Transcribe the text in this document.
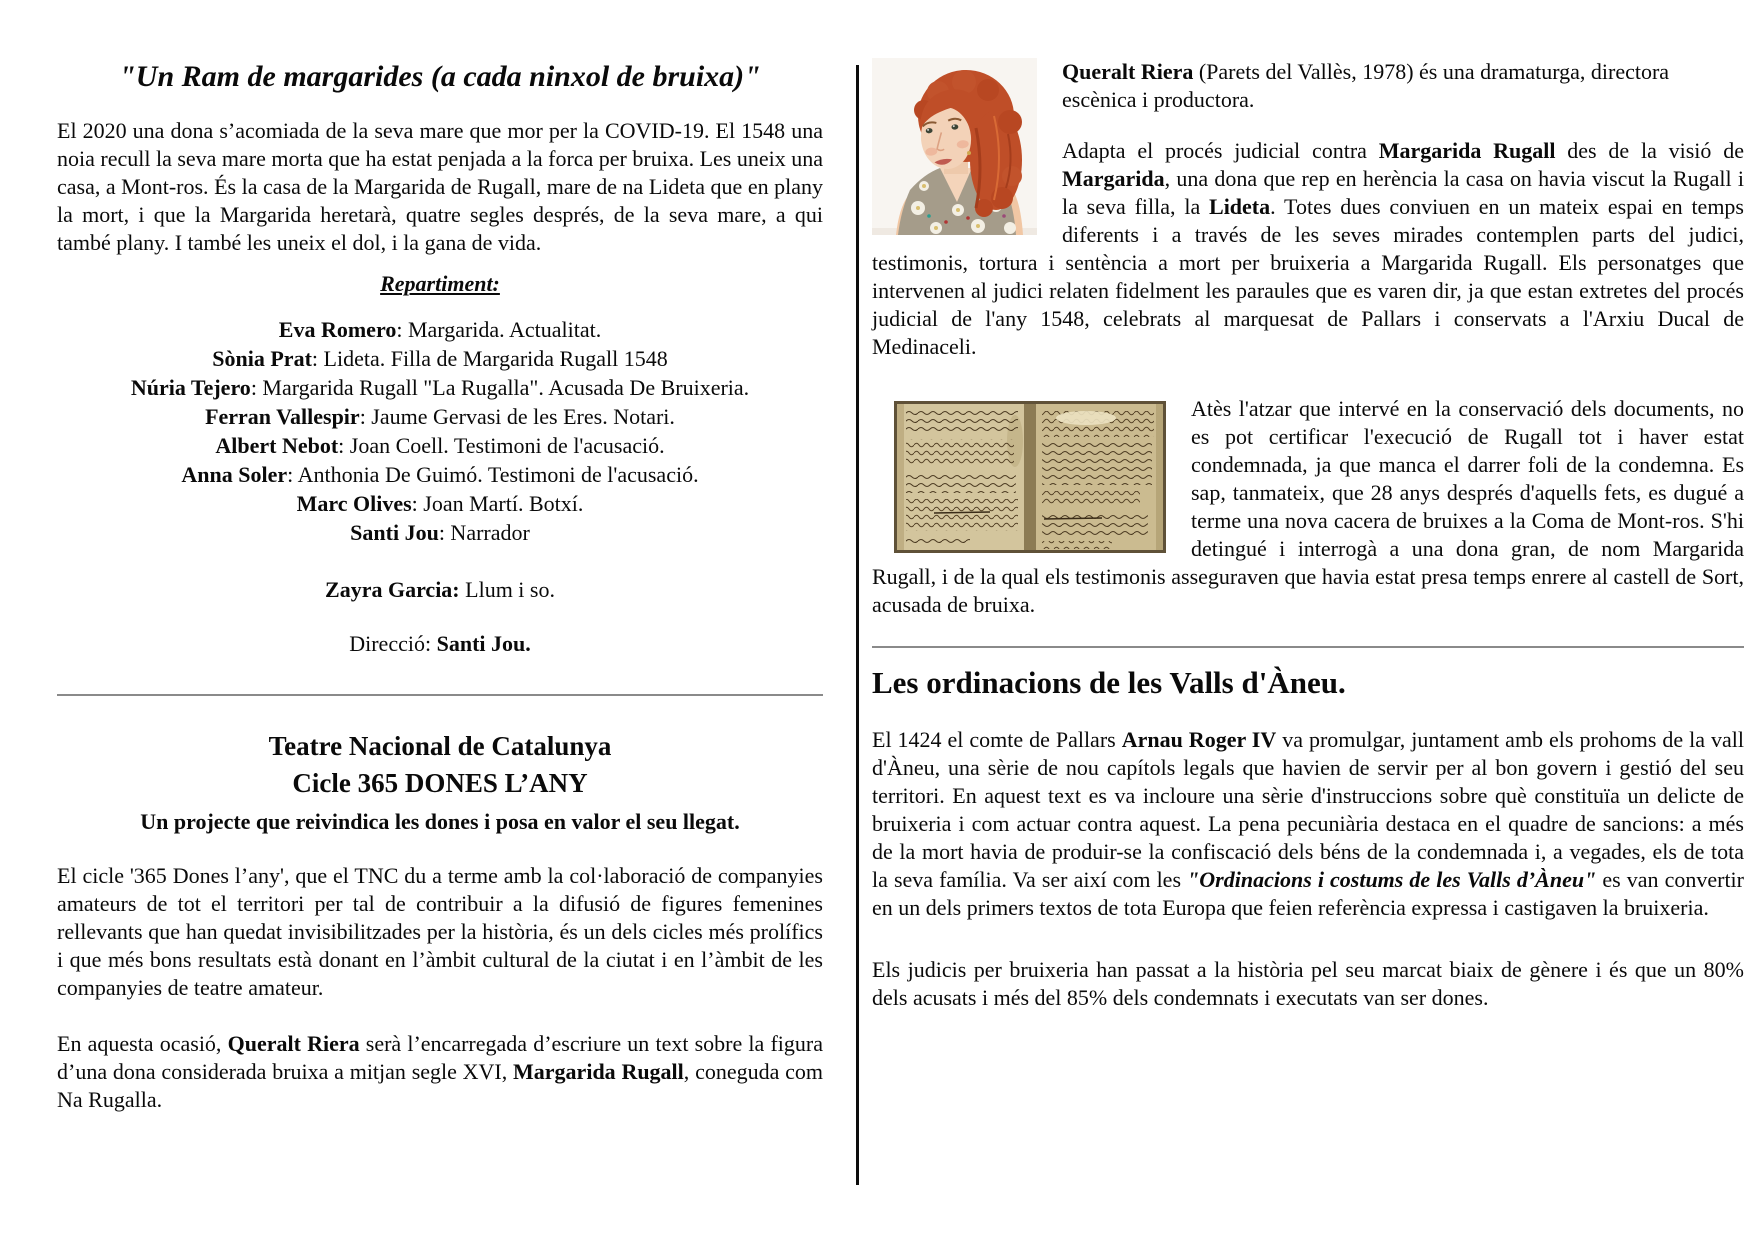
"Un Ram de margarides (a cada ninxol de bruixa)"

El 2020 una dona s’acomiada de la seva mare que mor per la COVID-19. El 1548 una noia recull la seva mare morta que ha estat penjada a la forca per bruixa. Les uneix una casa, a Mont-ros. És la casa de la Margarida de Rugall, mare de na Lideta que en plany la mort, i que la Margarida heretarà, quatre segles després, de la seva mare, a qui també plany. I també les uneix el dol, i la gana de vida.

Repartiment:

Eva Romero: Margarida. Actualitat.

Sònia Prat: Lideta. Filla de Margarida Rugall 1548

Núria Tejero: Margarida Rugall "La Rugalla". Acusada De Bruixeria.

Ferran Vallespir: Jaume Gervasi de les Eres. Notari.

Albert Nebot: Joan Coell. Testimoni de l'acusació.

Anna Soler: Anthonia De Guimó. Testimoni de l'acusació.

Marc Olives: Joan Martí. Botxí.

Santi Jou: Narrador

Zayra Garcia: Llum i so.

Direcció: Santi Jou.

Teatre Nacional de Catalunya
Cicle 365 DONES L’ANY
Un projecte que reivindica les dones i posa en valor el seu llegat.

El cicle '365 Dones l’any', que el TNC du a terme amb la col·laboració de companyies amateurs de tot el territori per tal de contribuir a la difusió de figures femenines rellevants que han quedat invisibilitzades per la història, és un dels cicles més prolífics i que més bons resultats està donant en l’àmbit cultural de la ciutat i en l’àmbit de les companyies de teatre amateur.

En aquesta ocasió, Queralt Riera serà l’encarregada d’escriure un text sobre la figura d’una dona considerada bruixa a mitjan segle XVI, Margarida Rugall, coneguda com Na Rugalla.

Queralt Riera (Parets del Vallès, 1978) és una dramaturga, directora escènica i productora.

Adapta el procés judicial contra Margarida Rugall des de la visió de Margarida, una dona que rep en herència la casa on havia viscut la Rugall i la seva filla, la Lideta. Totes dues conviuen en un mateix espai en temps diferents i a través de les seves mirades contemplen parts del judici, testimonis, tortura i sentència a mort per bruixeria a Margarida Rugall. Els personatges que intervenen al judici relaten fidelment les paraules que es varen dir, ja que estan extretes del procés judicial de l'any 1548, celebrats al marquesat de Pallars i conservats a l'Arxiu Ducal de Medinaceli.

Atès l'atzar que intervé en la conservació dels documents, no es pot certificar l'execució de Rugall tot i haver estat condemnada, ja que manca el darrer foli de la condemna. Es sap, tanmateix, que 28 anys després d'aquells fets, es dugué a terme una nova cacera de bruixes a la Coma de Mont-ros. S'hi detingué i interrogà a una dona gran, de nom Margarida Rugall, i de la qual els testimonis asseguraven que havia estat presa temps enrere al castell de Sort, acusada de bruixa.

Les ordinacions de les Valls d'Àneu.

El 1424 el comte de Pallars Arnau Roger IV va promulgar, juntament amb els prohoms de la vall d'Àneu, una sèrie de nou capítols legals que havien de servir per al bon govern i gestió del seu territori. En aquest text es va incloure una sèrie d'instruccions sobre què constituïa un delicte de bruixeria i com actuar contra aquest. La pena pecuniària destaca en el quadre de sancions: a més de la mort havia de produir-se la confiscació dels béns de la condemnada i, a vegades, els de tota la seva família. Va ser així com les "Ordinacions i costums de les Valls d’Àneu" es van convertir en un dels primers textos de tota Europa que feien referència expressa i castigaven la bruixeria.

Els judicis per bruixeria han passat a la història pel seu marcat biaix de gènere i és que un 80% dels acusats i més del 85% dels condemnats i executats van ser dones.
